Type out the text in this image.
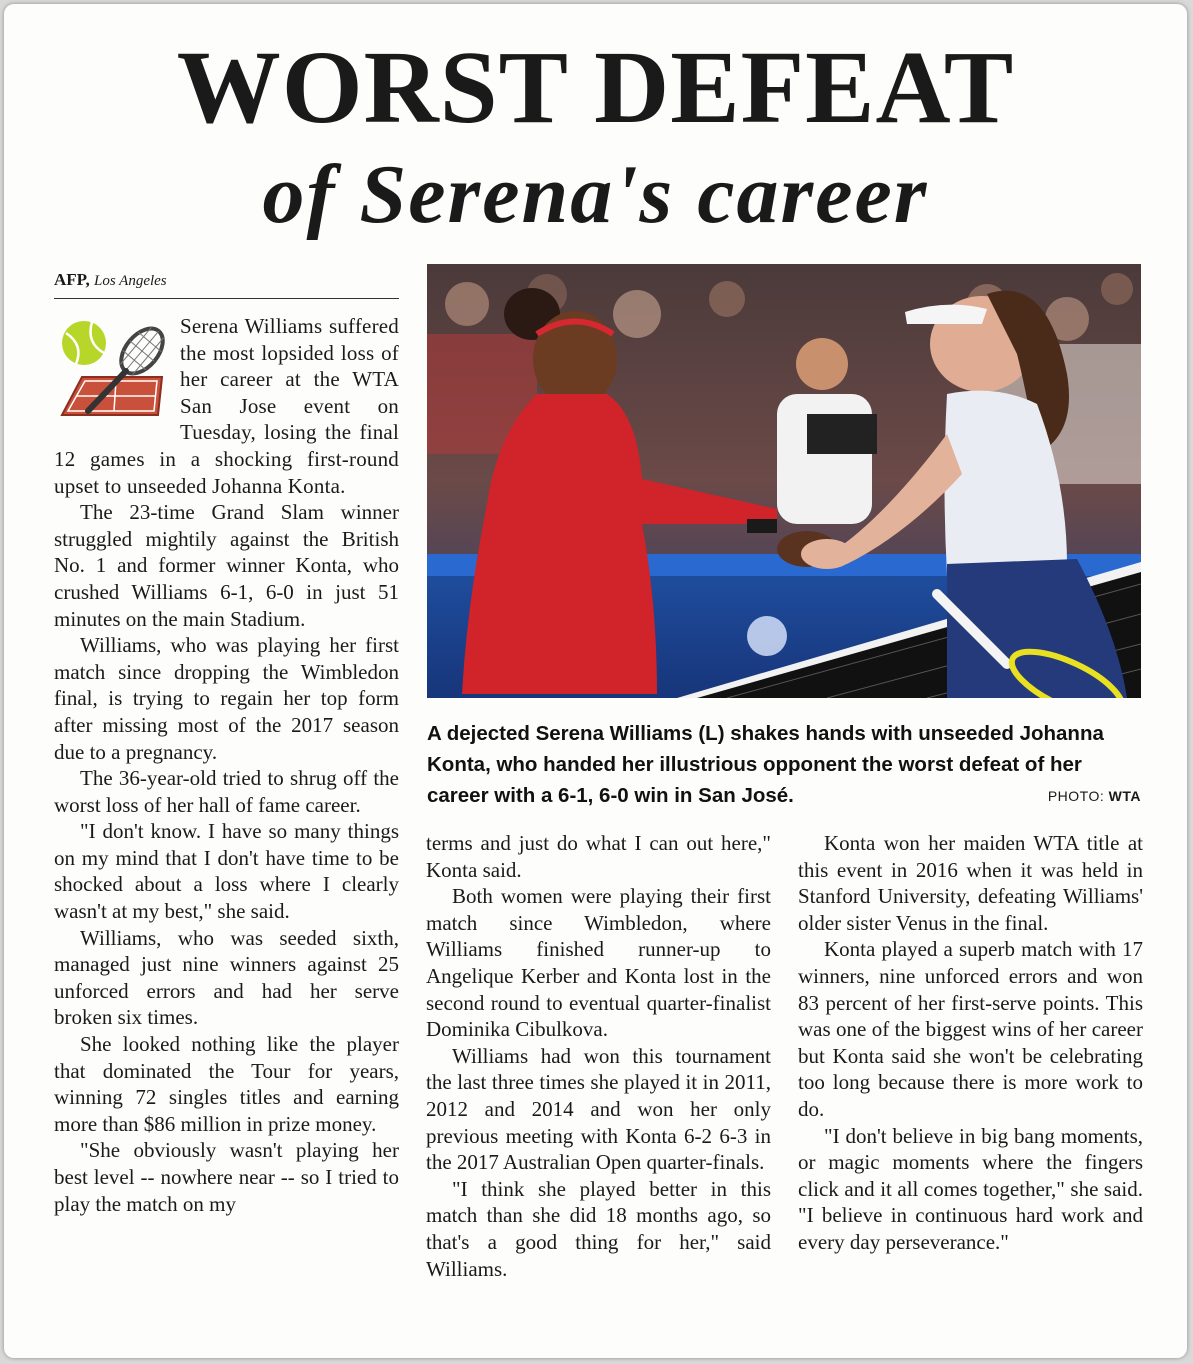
WORST DEFEAT
of Serena's career
AFP, Los Angeles

Serena Williams suffered the most lopsided loss of her career at the WTA San Jose event on Tuesday, losing the final 12 games in a shocking first-round upset to unseeded Johanna Konta.

The 23-time Grand Slam winner struggled mightily against the British No. 1 and former winner Konta, who crushed Williams 6-1, 6-0 in just 51 minutes on the main Stadium.

Williams, who was playing her first match since dropping the Wimbledon final, is trying to regain her top form after missing most of the 2017 season due to a pregnancy.

The 36-year-old tried to shrug off the worst loss of her hall of fame career.

"I don't know. I have so many things on my mind that I don't have time to be shocked about a loss where I clearly wasn't at my best," she said.

Williams, who was seeded sixth, managed just nine winners against 25 unforced errors and had her serve broken six times.

She looked nothing like the player that dominated the Tour for years, winning 72 singles titles and earning more than $86 million in prize money.

"She obviously wasn't playing her best level -- nowhere near -- so I tried to play the match on my

A dejected Serena Williams (L) shakes hands with unseeded Johanna Konta, who handed her illustrious opponent the worst defeat of her career with a 6-1, 6-0 win in San José.	PHOTO: WTA

terms and just do what I can out here," Konta said.

Both women were playing their first match since Wimbledon, where Williams finished runner-up to Angelique Kerber and Konta lost in the second round to eventual quarter-finalist Dominika Cibulkova.

Williams had won this tournament the last three times she played it in 2011, 2012 and 2014 and won her only previous meeting with Konta 6-2 6-3 in the 2017 Australian Open quarter-finals.

"I think she played better in this match than she did 18 months ago, so that's a good thing for her," said Williams.

Konta won her maiden WTA title at this event in 2016 when it was held in Stanford University, defeating Williams' older sister Venus in the final.

Konta played a superb match with 17 winners, nine unforced errors and won 83 percent of her first-serve points. This was one of the biggest wins of her career but Konta said she won't be celebrating too long because there is more work to do.

"I don't believe in big bang moments, or magic moments where the fingers click and it all comes together," she said. "I believe in continuous hard work and every day perseverance."
